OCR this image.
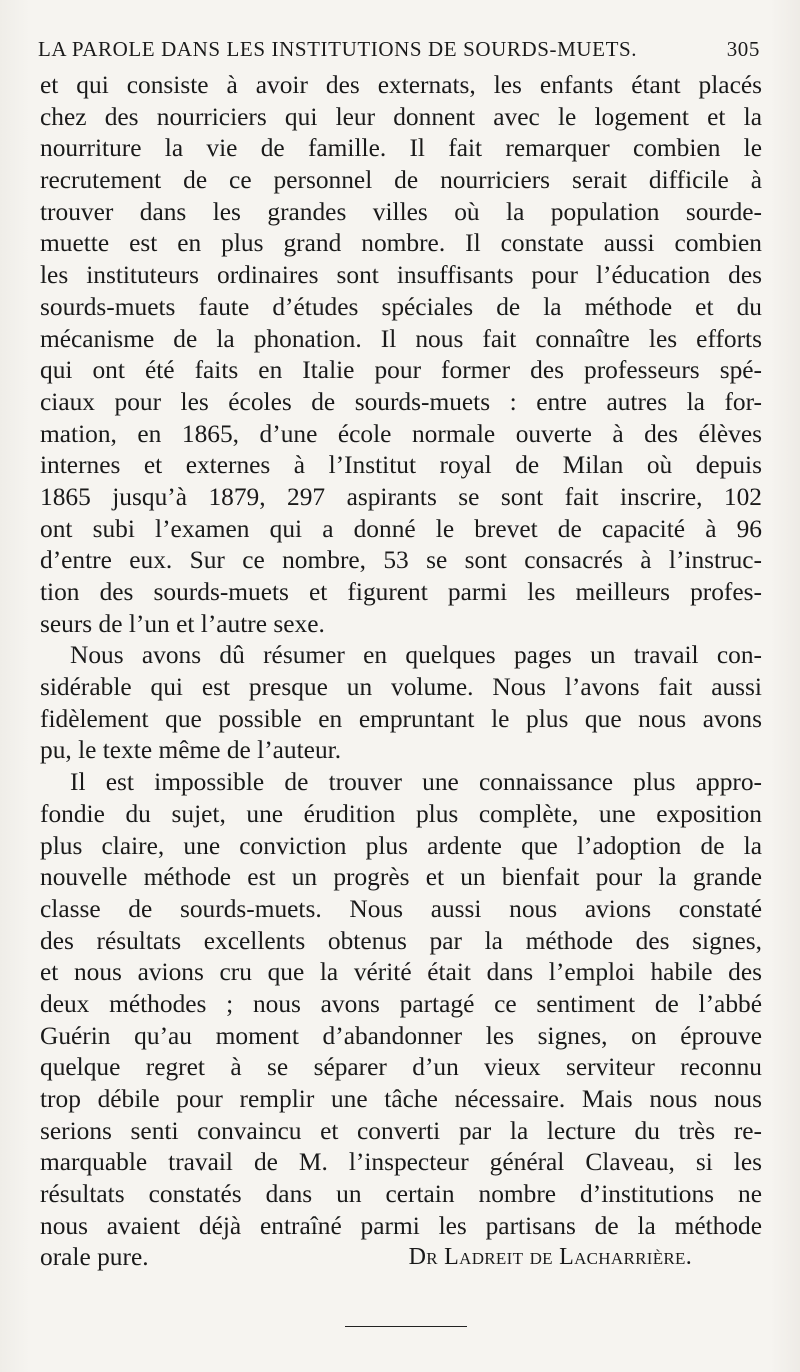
LA PAROLE DANS LES INSTITUTIONS DE SOURDS-MUETS.	305
et qui consiste à avoir des externats, les enfants étant placés
chez des nourriciers qui leur donnent avec le logement et la
nourriture la vie de famille. Il fait remarquer combien le
recrutement de ce personnel de nourriciers serait difficile à
trouver dans les grandes villes où la population sourde-
muette est en plus grand nombre. Il constate aussi combien
les instituteurs ordinaires sont insuffisants pour l’éducation des
sourds-muets faute d’études spéciales de la méthode et du
mécanisme de la phonation. Il nous fait connaître les efforts
qui ont été faits en Italie pour former des professeurs spé-
ciaux pour les écoles de sourds-muets : entre autres la for-
mation, en 1865, d’une école normale ouverte à des élèves
internes et externes à l’Institut royal de Milan où depuis
1865 jusqu’à 1879, 297 aspirants se sont fait inscrire, 102
ont subi l’examen qui a donné le brevet de capacité à 96
d’entre eux. Sur ce nombre, 53 se sont consacrés à l’instruc-
tion des sourds-muets et figurent parmi les meilleurs profes-
seurs de l’un et l’autre sexe.
Nous avons dû résumer en quelques pages un travail con-
sidérable qui est presque un volume. Nous l’avons fait aussi
fidèlement que possible en empruntant le plus que nous avons
pu, le texte même de l’auteur.
Il est impossible de trouver une connaissance plus appro-
fondie du sujet, une érudition plus complète, une exposition
plus claire, une conviction plus ardente que l’adoption de la
nouvelle méthode est un progrès et un bienfait pour la grande
classe de sourds-muets. Nous aussi nous avions constaté
des résultats excellents obtenus par la méthode des signes,
et nous avions cru que la vérité était dans l’emploi habile des
deux méthodes ; nous avons partagé ce sentiment de l’abbé
Guérin qu’au moment d’abandonner les signes, on éprouve
quelque regret à se séparer d’un vieux serviteur reconnu
trop débile pour remplir une tâche nécessaire. Mais nous nous
serions senti convaincu et converti par la lecture du très re-
marquable travail de M. l’inspecteur général Claveau, si les
résultats constatés dans un certain nombre d’institutions ne
nous avaient déjà entraîné parmi les partisans de la méthode
orale pure.	Dr Ladreit de Lacharrière.
